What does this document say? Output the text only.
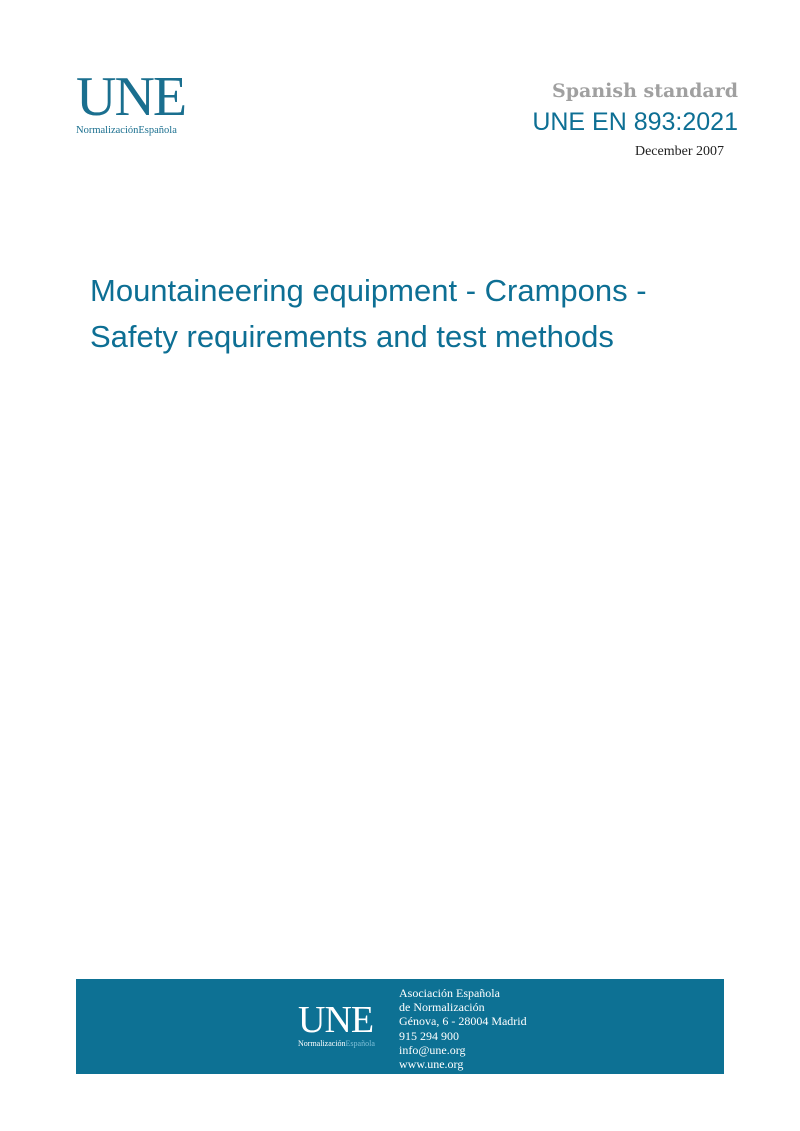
UNE
NormalizaciónEspañola
Spanish standard
UNE EN 893:2021
December 2007
Mountaineering equipment - Crampons -
Safety requirements and test methods
UNE
NormalizaciónEspañola
Asociación Española
de Normalización
Génova, 6 - 28004 Madrid
915 294 900
info@une.org
www.une.org
